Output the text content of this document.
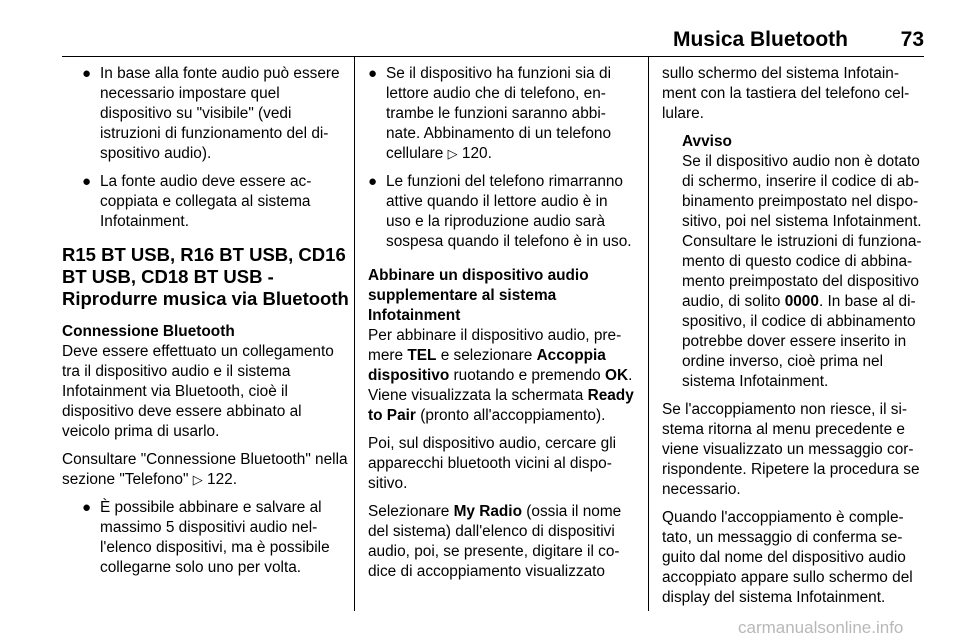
Musica Bluetooth	73
● In base alla fonte audio può essere necessario impostare quel dispositivo su "visibile" (vedi istruzioni di funzionamento del dispositivo audio).
● La fonte audio deve essere accoppiata e collegata al sistema Infotainment.
R15 BT USB, R16 BT USB, CD16 BT USB, CD18 BT USB - Riprodurre musica via Bluetooth

Connessione Bluetooth

Deve essere effettuato un collegamento tra il dispositivo audio e il sistema Infotainment via Bluetooth, cioè il dispositivo deve essere abbinato al veicolo prima di usarlo.

Consultare "Connessione Bluetooth" nella sezione "Telefono" ▷ 122.

● È possibile abbinare e salvare al massimo 5 dispositivi audio nell'elenco dispositivi, ma è possibile collegarne solo uno per volta.
● Se il dispositivo ha funzioni sia di lettore audio che di telefono, entrambe le funzioni saranno abbinate. Abbinamento di un telefono cellulare ▷ 120.
● Le funzioni del telefono rimarranno attive quando il lettore audio è in uso e la riproduzione audio sarà sospesa quando il telefono è in uso.

Abbinare un dispositivo audio supplementare al sistema Infotainment

Per abbinare il dispositivo audio, premere TEL e selezionare Accoppia dispositivo ruotando e premendo OK. Viene visualizzata la schermata Ready to Pair (pronto all'accoppiamento).

Poi, sul dispositivo audio, cercare gli apparecchi bluetooth vicini al dispositivo.

Selezionare My Radio (ossia il nome del sistema) dall'elenco di dispositivi audio, poi, se presente, digitare il codice di accoppiamento visualizzato

sullo schermo del sistema Infotainment con la tastiera del telefono cellulare.

Avviso

Se il dispositivo audio non è dotato di schermo, inserire il codice di abbinamento preimpostato nel dispositivo, poi nel sistema Infotainment. Consultare le istruzioni di funzionamento di questo codice di abbinamento preimpostato del dispositivo audio, di solito 0000. In base al dispositivo, il codice di abbinamento potrebbe dover essere inserito in ordine inverso, cioè prima nel sistema Infotainment.

Se l'accoppiamento non riesce, il sistema ritorna al menu precedente e viene visualizzato un messaggio corrispondente. Ripetere la procedura se necessario.

Quando l'accoppiamento è completato, un messaggio di conferma seguito dal nome del dispositivo audio accoppiato appare sullo schermo del display del sistema Infotainment.

carmanualsonline.info
